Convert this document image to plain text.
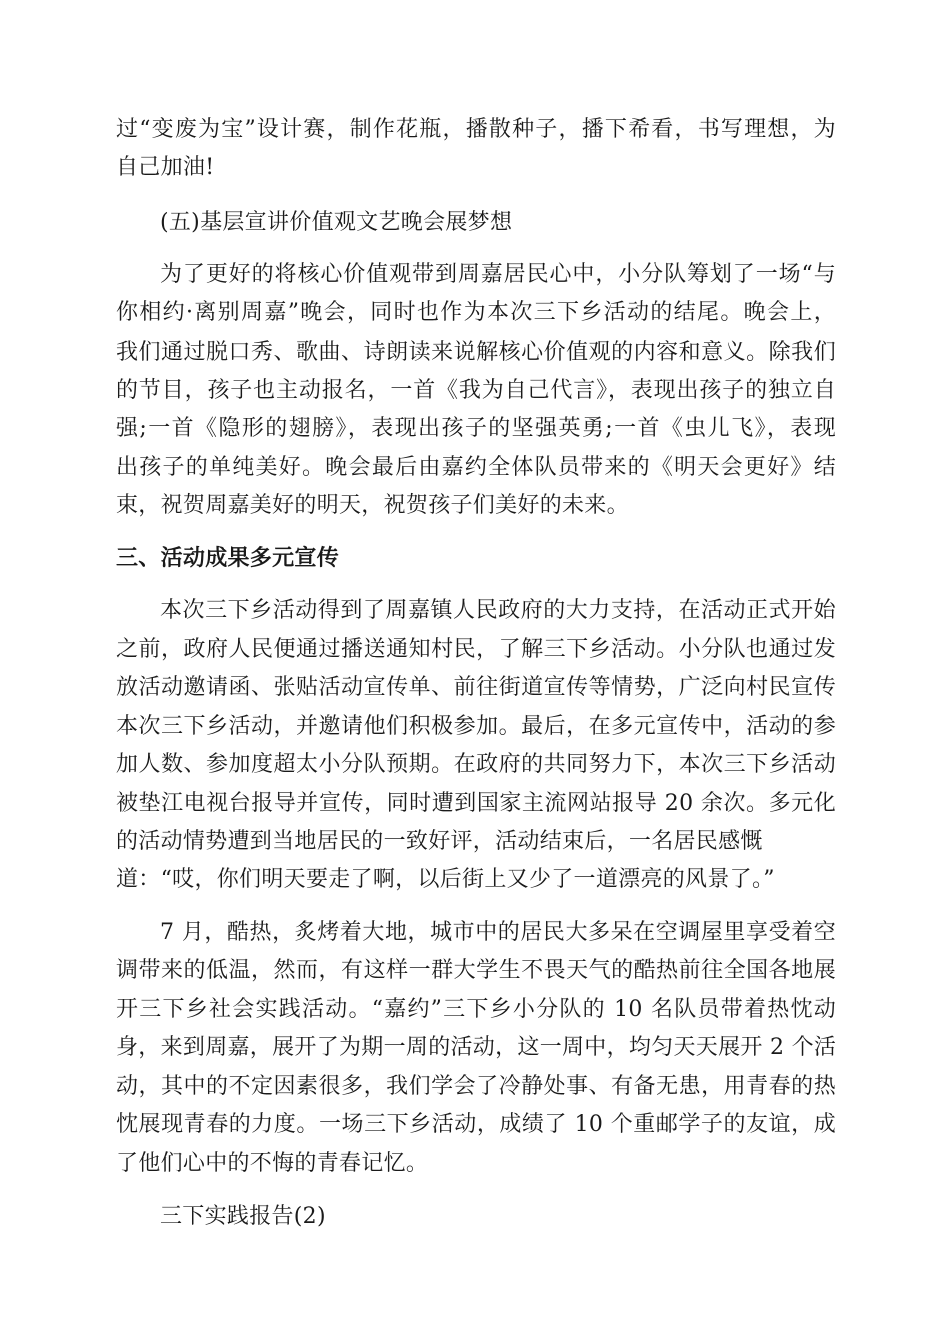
过“变废为宝”设计赛，制作花瓶，播散种子，播下希看，书写理想，为
自己加油!
(五)基层宣讲价值观文艺晚会展梦想
为了更好的将核心价值观带到周嘉居民心中，小分队筹划了一场“与
你相约·离别周嘉”晚会，同时也作为本次三下乡活动的结尾。晚会上，
我们通过脱口秀、歌曲、诗朗读来说解核心价值观的内容和意义。除我们
的节目，孩子也主动报名，一首《我为自己代言》，表现出孩子的独立自
强;一首《隐形的翅膀》，表现出孩子的坚强英勇;一首《虫儿飞》，表现
出孩子的单纯美好。晚会最后由嘉约全体队员带来的《明天会更好》结
束，祝贺周嘉美好的明天，祝贺孩子们美好的未来。
三、活动成果多元宣传
本次三下乡活动得到了周嘉镇人民政府的大力支持，在活动正式开始
之前，政府人民便通过播送通知村民，了解三下乡活动。小分队也通过发
放活动邀请函、张贴活动宣传单、前往街道宣传等情势，广泛向村民宣传
本次三下乡活动，并邀请他们积极参加。最后，在多元宣传中，活动的参
加人数、参加度超太小分队预期。在政府的共同努力下，本次三下乡活动
被垫江电视台报导并宣传，同时遭到国家主流网站报导 20 余次。多元化
的活动情势遭到当地居民的一致好评，活动结束后，一名居民感慨
道：“哎，你们明天要走了啊，以后街上又少了一道漂亮的风景了。”
7 月，酷热，炙烤着大地，城市中的居民大多呆在空调屋里享受着空
调带来的低温，然而，有这样一群大学生不畏天气的酷热前往全国各地展
开三下乡社会实践活动。“嘉约”三下乡小分队的 10 名队员带着热忱动
身，来到周嘉，展开了为期一周的活动，这一周中，均匀天天展开 2 个活
动，其中的不定因素很多，我们学会了冷静处事、有备无患，用青春的热
忱展现青春的力度。一场三下乡活动，成绩了 10 个重邮学子的友谊，成
了他们心中的不悔的青春记忆。
三下实践报告(2)
